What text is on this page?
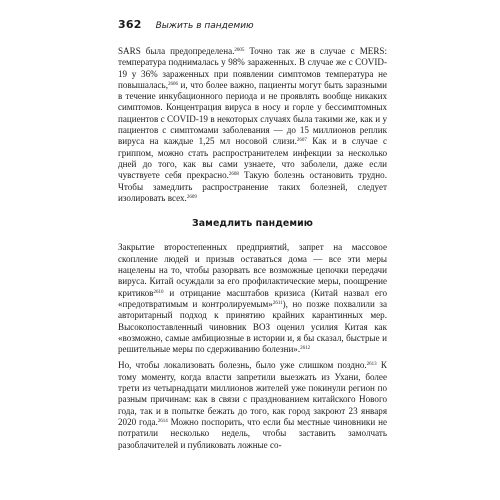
362 Выжить в пандемию

SARS была предопределена.$^{2605}$ Точно так же в случае с MERS: температура поднималась у 98% зараженных. В случае же с COVID-19 у 36% зараженных при появлении симптомов температура не повышалась,$^{2606}$ и, что более важно, пациенты могут быть заразными в течение инкубационного периода и не проявлять вообще никаких симптомов. Концентрация вируса в носу и горле у бессимптомных пациентов с COVID-19 в некоторых случаях была такими же, как и у пациентов с симптомами заболевания — до 15 миллионов реплик вируса на каждые 1,25 мл носовой слизи.$^{2607}$ Как и в случае с гриппом, можно стать распространителем инфекции за несколько дней до того, как вы сами узнаете, что заболели, даже если чувствуете себя прекрасно.$^{2608}$ Такую болезнь остановить трудно. Чтобы замедлить распространение таких болезней, следует изолировать всех.$^{2609}$

Замедлить пандемию

Закрытие второстепенных предприятий, запрет на массовое скопление людей и призыв оставаться дома — все эти меры нацелены на то, чтобы разорвать все возможные цепочки передачи вируса. Китай осуждали за его профилактические меры, поощрение критиков$^{2610}$ и отрицание масштабов кризиса (Китай назвал его «предотвратимым и контролируемым»$^{2611}$), но позже похвалили за авторитарный подход к принятию крайних карантинных мер. Высокопоставленный чиновник ВОЗ оценил усилия Китая как «возможно, самые амбициозные в истории и, я бы сказал, быстрые и решительные меры по сдерживанию болезни».$^{2612}$

Но, чтобы локализовать болезнь, было уже слишком поздно.$^{2613}$ К тому моменту, когда власти запретили выезжать из Ухани, более трети из четырнадцати миллионов жителей уже покинули регион по разным причинам: как в связи с празднованием китайского Нового года, так и в попытке бежать до того, как город закроют 23 января 2020 года.$^{2614}$ Можно поспорить, что если бы местные чиновники не потратили несколько недель, чтобы заставить замолчать разоблачителей и публиковать ложные со-
